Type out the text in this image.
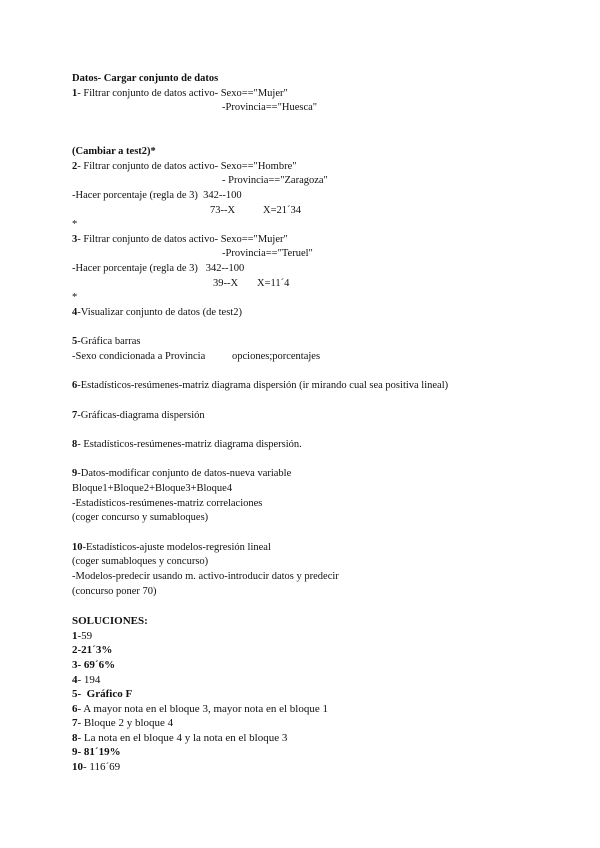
Datos- Cargar conjunto de datos
1- Filtrar conjunto de datos activo- Sexo=="Mujer"
-Provincia=="Huesca"
(Cambiar a test2)*
2- Filtrar conjunto de datos activo- Sexo=="Hombre"
- Provincia=="Zaragoza"
-Hacer porcentaje (regla de 3)  342--100
73--X	X=21´34
*
3- Filtrar conjunto de datos activo- Sexo=="Mujer"
-Provincia=="Teruel"
-Hacer porcentaje (regla de 3)   342--100
39--X X=11´4
*
4-Visualizar conjunto de datos (de test2)
5-Gráfica barras
-Sexo condicionada a Provincia	opciones;porcentajes
6-Estadísticos-resúmenes-matriz diagrama dispersión (ir mirando cual sea positiva lineal)
7-Gráficas-diagrama dispersión
8- Estadísticos-resúmenes-matriz diagrama dispersión.
9-Datos-modificar conjunto de datos-nueva variable
Bloque1+Bloque2+Bloque3+Bloque4
-Estadísticos-resúmenes-matriz correlaciones
(coger concurso y sumabloques)
10-Estadísticos-ajuste modelos-regresión lineal
(coger sumabloques y concurso)
-Modelos-predecir usando m. activo-introducir datos y predecir
(concurso poner 70)
SOLUCIONES:
1-59
2-21´3%
3- 69´6%
4- 194
5-  Gráfico F
6- A mayor nota en el bloque 3, mayor nota en el bloque 1
7- Bloque 2 y bloque 4
8- La nota en el bloque 4 y la nota en el bloque 3
9- 81´19%
10- 116´69
